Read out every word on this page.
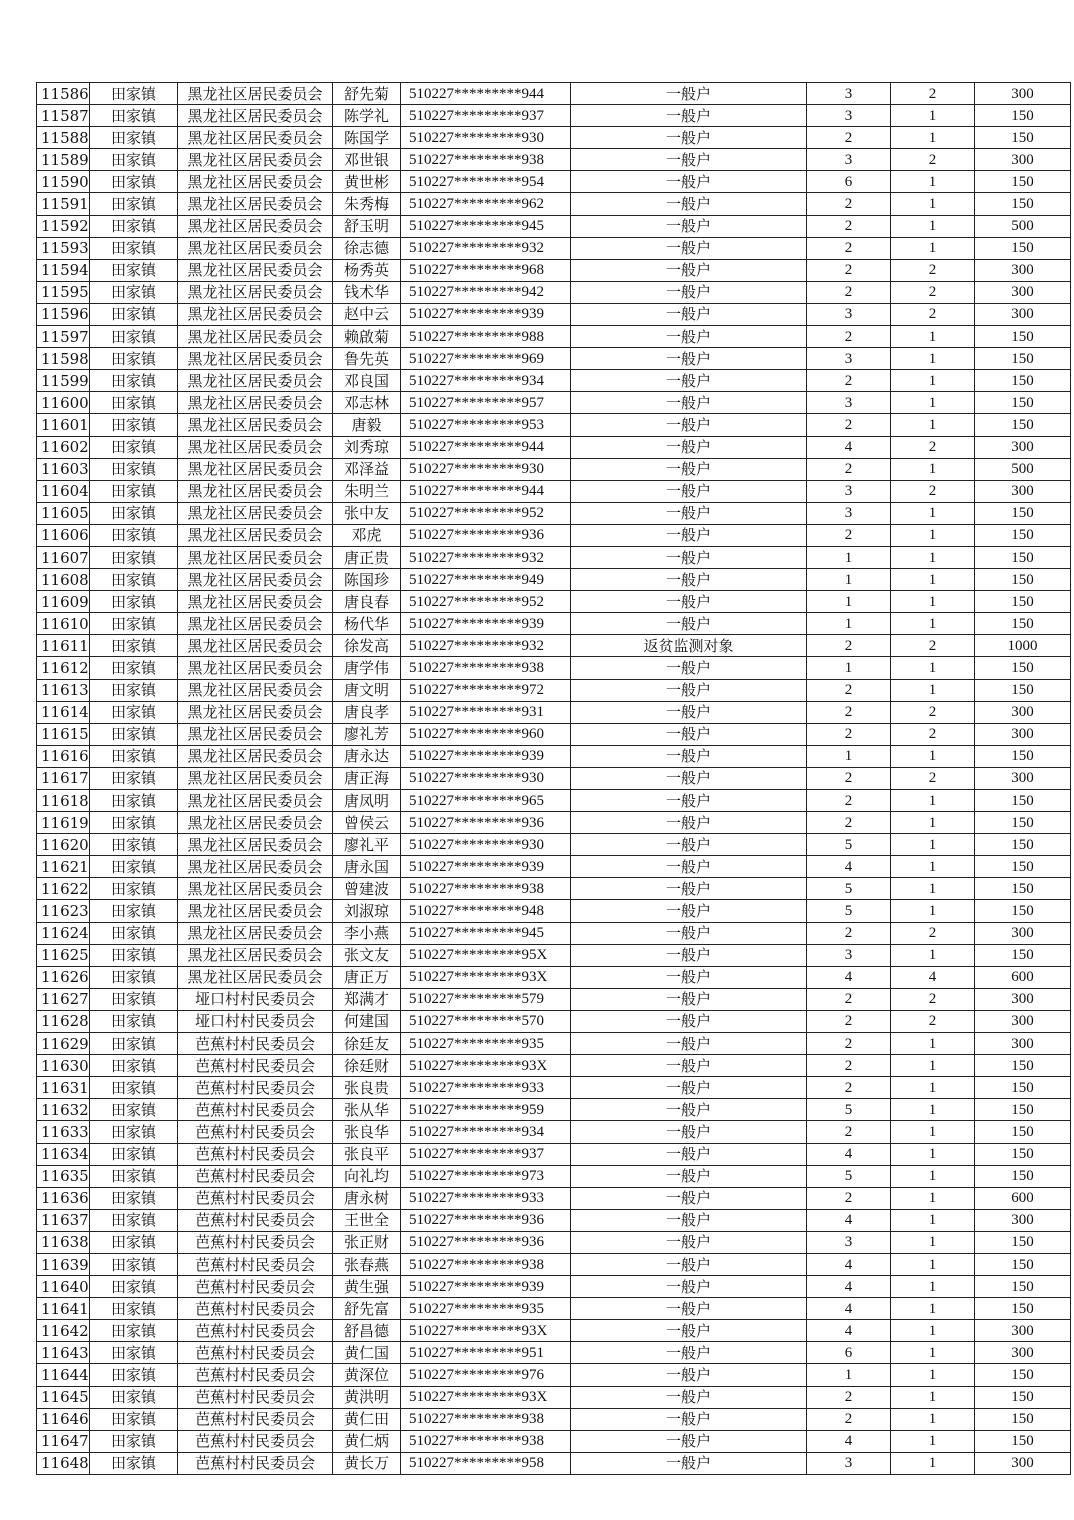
11586	田家镇	黑龙社区居民委员会	舒先菊	510227*********944	一般户	3	2	300
11587	田家镇	黑龙社区居民委员会	陈学礼	510227*********937	一般户	3	1	150
11588	田家镇	黑龙社区居民委员会	陈国学	510227*********930	一般户	2	1	150
11589	田家镇	黑龙社区居民委员会	邓世银	510227*********938	一般户	3	2	300
11590	田家镇	黑龙社区居民委员会	黄世彬	510227*********954	一般户	6	1	150
11591	田家镇	黑龙社区居民委员会	朱秀梅	510227*********962	一般户	2	1	150
11592	田家镇	黑龙社区居民委员会	舒玉明	510227*********945	一般户	2	1	500
11593	田家镇	黑龙社区居民委员会	徐志德	510227*********932	一般户	2	1	150
11594	田家镇	黑龙社区居民委员会	杨秀英	510227*********968	一般户	2	2	300
11595	田家镇	黑龙社区居民委员会	钱术华	510227*********942	一般户	2	2	300
11596	田家镇	黑龙社区居民委员会	赵中云	510227*********939	一般户	3	2	300
11597	田家镇	黑龙社区居民委员会	赖啟菊	510227*********988	一般户	2	1	150
11598	田家镇	黑龙社区居民委员会	鲁先英	510227*********969	一般户	3	1	150
11599	田家镇	黑龙社区居民委员会	邓良国	510227*********934	一般户	2	1	150
11600	田家镇	黑龙社区居民委员会	邓志林	510227*********957	一般户	3	1	150
11601	田家镇	黑龙社区居民委员会	唐毅	510227*********953	一般户	2	1	150
11602	田家镇	黑龙社区居民委员会	刘秀琼	510227*********944	一般户	4	2	300
11603	田家镇	黑龙社区居民委员会	邓泽益	510227*********930	一般户	2	1	500
11604	田家镇	黑龙社区居民委员会	朱明兰	510227*********944	一般户	3	2	300
11605	田家镇	黑龙社区居民委员会	张中友	510227*********952	一般户	3	1	150
11606	田家镇	黑龙社区居民委员会	邓虎	510227*********936	一般户	2	1	150
11607	田家镇	黑龙社区居民委员会	唐正贵	510227*********932	一般户	1	1	150
11608	田家镇	黑龙社区居民委员会	陈国珍	510227*********949	一般户	1	1	150
11609	田家镇	黑龙社区居民委员会	唐良春	510227*********952	一般户	1	1	150
11610	田家镇	黑龙社区居民委员会	杨代华	510227*********939	一般户	1	1	150
11611	田家镇	黑龙社区居民委员会	徐发高	510227*********932	返贫监测对象	2	2	1000
11612	田家镇	黑龙社区居民委员会	唐学伟	510227*********938	一般户	1	1	150
11613	田家镇	黑龙社区居民委员会	唐文明	510227*********972	一般户	2	1	150
11614	田家镇	黑龙社区居民委员会	唐良孝	510227*********931	一般户	2	2	300
11615	田家镇	黑龙社区居民委员会	廖礼芳	510227*********960	一般户	2	2	300
11616	田家镇	黑龙社区居民委员会	唐永达	510227*********939	一般户	1	1	150
11617	田家镇	黑龙社区居民委员会	唐正海	510227*********930	一般户	2	2	300
11618	田家镇	黑龙社区居民委员会	唐凤明	510227*********965	一般户	2	1	150
11619	田家镇	黑龙社区居民委员会	曾侯云	510227*********936	一般户	2	1	150
11620	田家镇	黑龙社区居民委员会	廖礼平	510227*********930	一般户	5	1	150
11621	田家镇	黑龙社区居民委员会	唐永国	510227*********939	一般户	4	1	150
11622	田家镇	黑龙社区居民委员会	曾建波	510227*********938	一般户	5	1	150
11623	田家镇	黑龙社区居民委员会	刘淑琼	510227*********948	一般户	5	1	150
11624	田家镇	黑龙社区居民委员会	李小燕	510227*********945	一般户	2	2	300
11625	田家镇	黑龙社区居民委员会	张文友	510227*********95X	一般户	3	1	150
11626	田家镇	黑龙社区居民委员会	唐正万	510227*********93X	一般户	4	4	600
11627	田家镇	垭口村村民委员会	郑满才	510227*********579	一般户	2	2	300
11628	田家镇	垭口村村民委员会	何建国	510227*********570	一般户	2	2	300
11629	田家镇	芭蕉村村民委员会	徐廷友	510227*********935	一般户	2	1	300
11630	田家镇	芭蕉村村民委员会	徐廷财	510227*********93X	一般户	2	1	150
11631	田家镇	芭蕉村村民委员会	张良贵	510227*********933	一般户	2	1	150
11632	田家镇	芭蕉村村民委员会	张从华	510227*********959	一般户	5	1	150
11633	田家镇	芭蕉村村民委员会	张良华	510227*********934	一般户	2	1	150
11634	田家镇	芭蕉村村民委员会	张良平	510227*********937	一般户	4	1	150
11635	田家镇	芭蕉村村民委员会	向礼均	510227*********973	一般户	5	1	150
11636	田家镇	芭蕉村村民委员会	唐永树	510227*********933	一般户	2	1	600
11637	田家镇	芭蕉村村民委员会	王世全	510227*********936	一般户	4	1	300
11638	田家镇	芭蕉村村民委员会	张正财	510227*********936	一般户	3	1	150
11639	田家镇	芭蕉村村民委员会	张春燕	510227*********938	一般户	4	1	150
11640	田家镇	芭蕉村村民委员会	黄生强	510227*********939	一般户	4	1	150
11641	田家镇	芭蕉村村民委员会	舒先富	510227*********935	一般户	4	1	150
11642	田家镇	芭蕉村村民委员会	舒昌德	510227*********93X	一般户	4	1	300
11643	田家镇	芭蕉村村民委员会	黄仁国	510227*********951	一般户	6	1	300
11644	田家镇	芭蕉村村民委员会	黄深位	510227*********976	一般户	1	1	150
11645	田家镇	芭蕉村村民委员会	黄洪明	510227*********93X	一般户	2	1	150
11646	田家镇	芭蕉村村民委员会	黄仁田	510227*********938	一般户	2	1	150
11647	田家镇	芭蕉村村民委员会	黄仁炳	510227*********938	一般户	4	1	150
11648	田家镇	芭蕉村村民委员会	黄长万	510227*********958	一般户	3	1	300
